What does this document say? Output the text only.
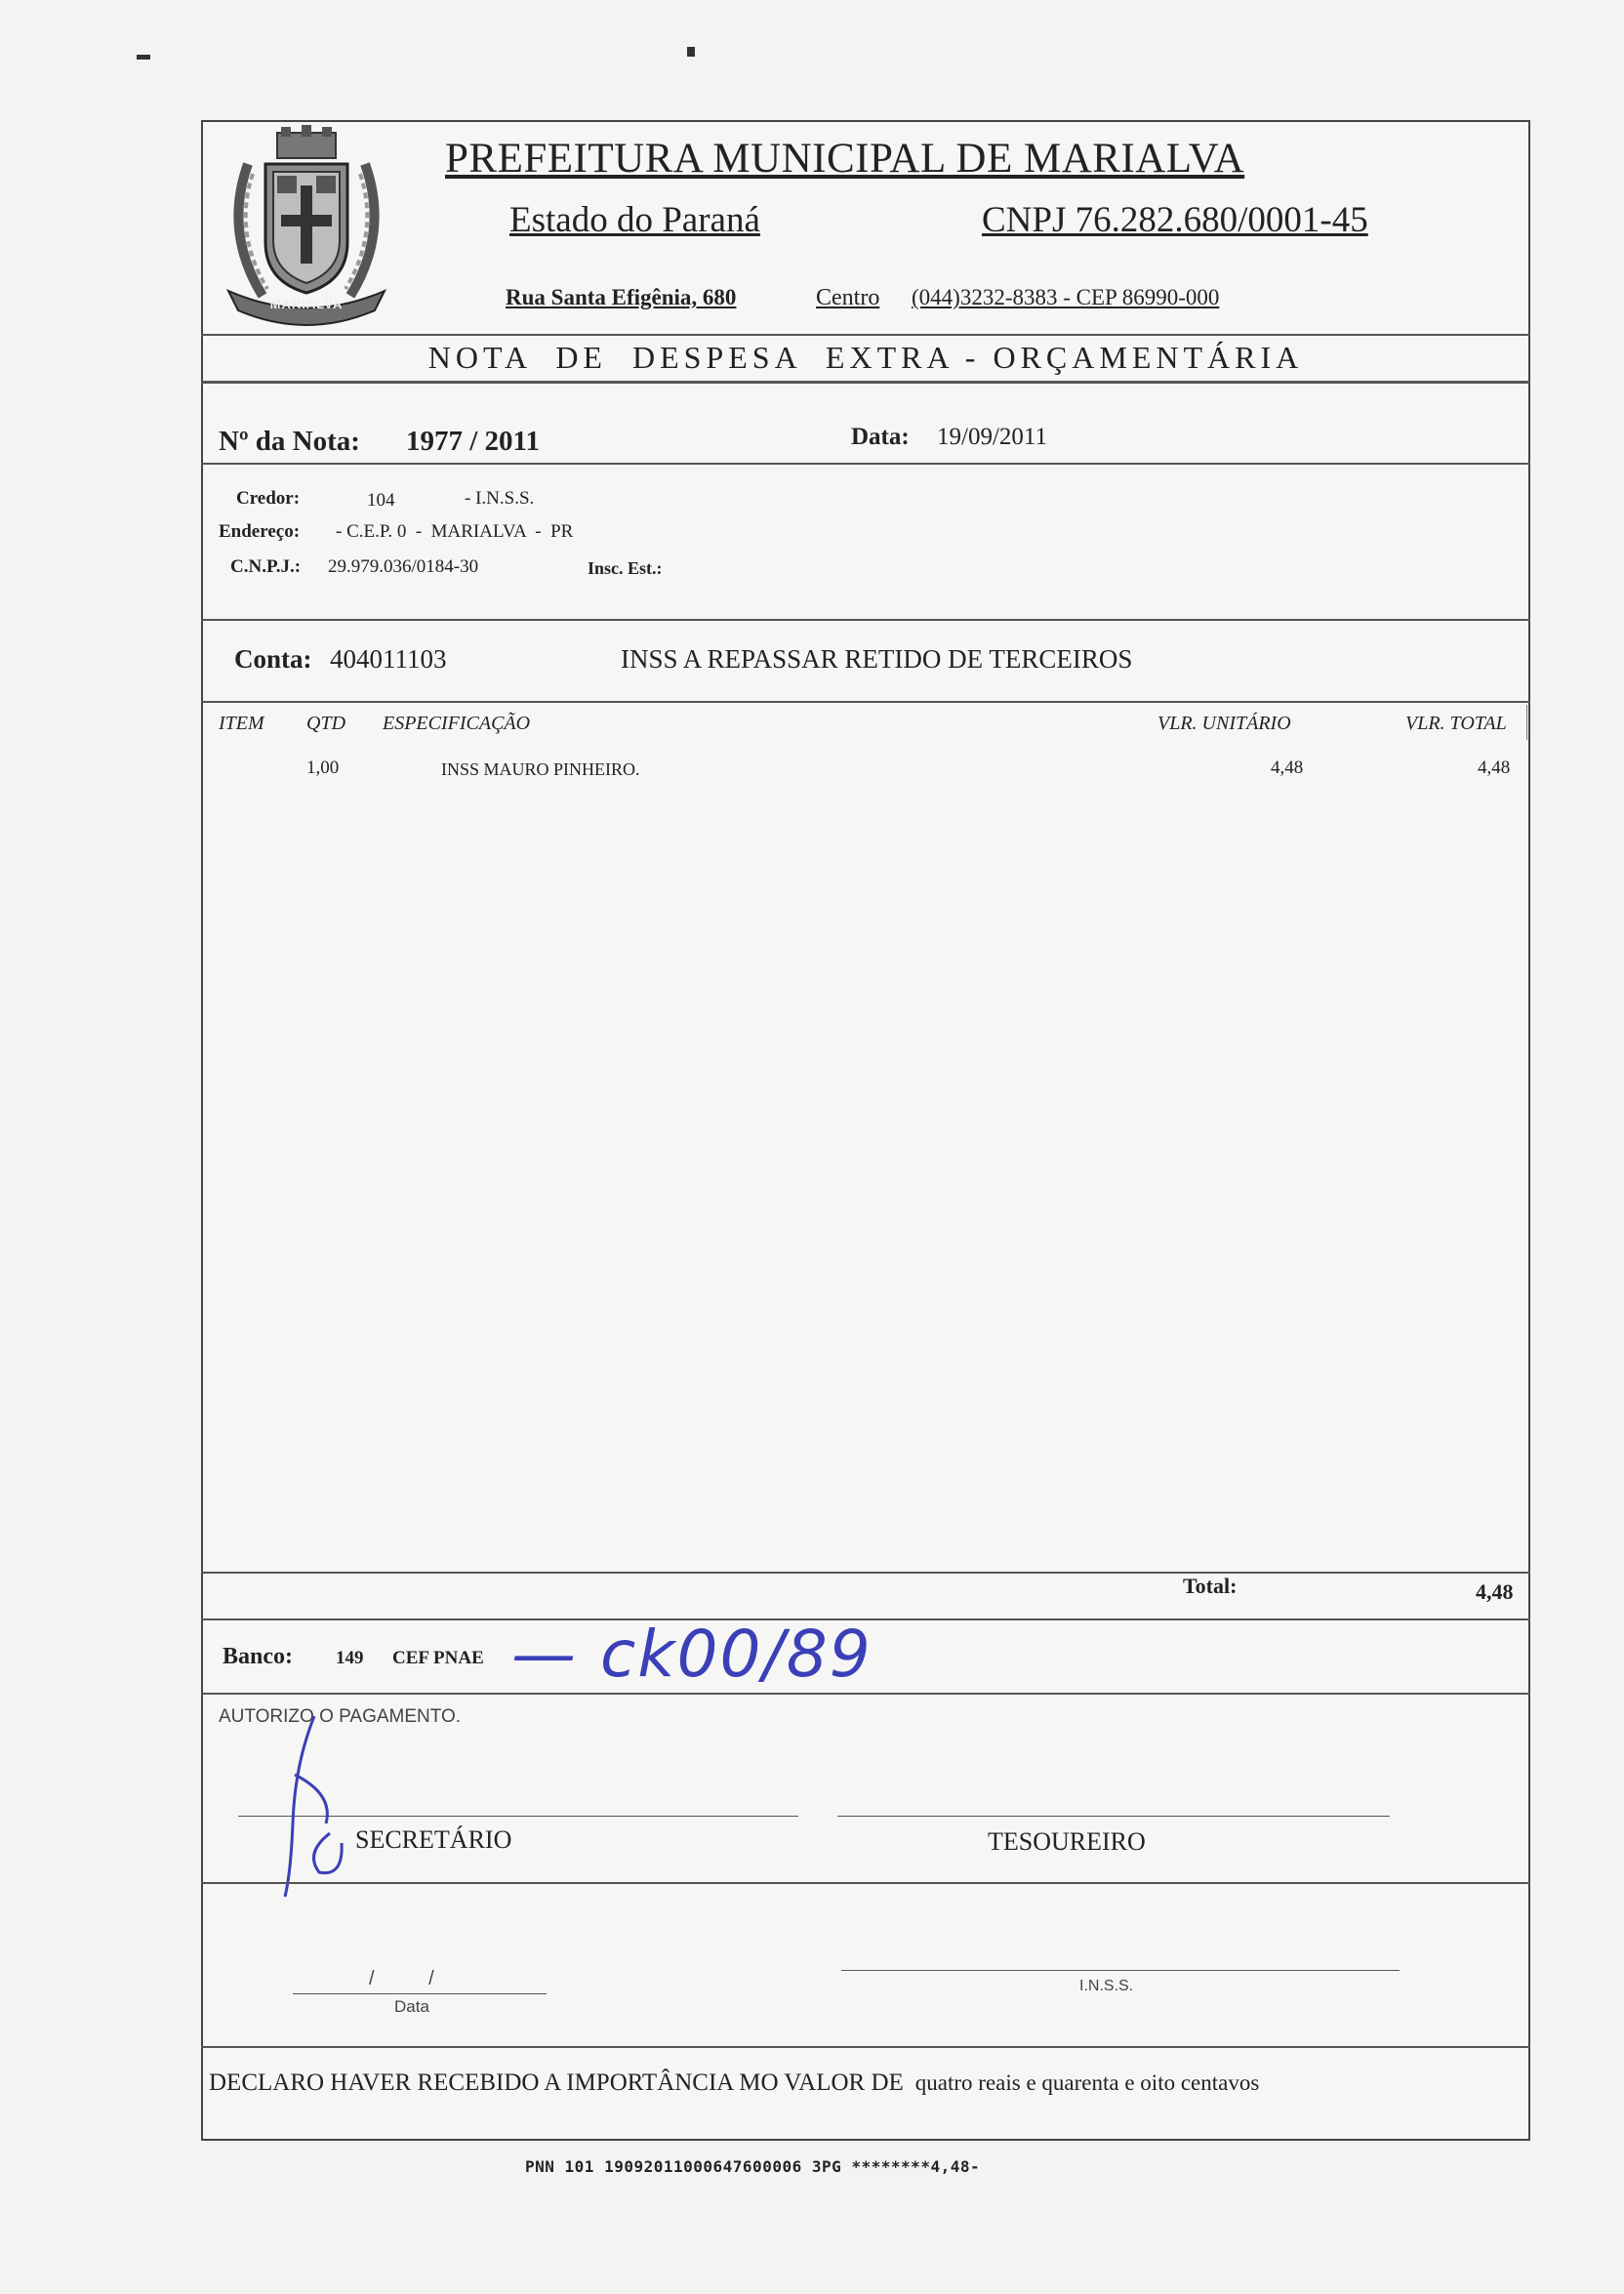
MARIALVA
PREFEITURA MUNICIPAL DE MARIALVA
Estado do Paraná	CNPJ 76.282.680/0001-45
Rua Santa Efigênia, 680	Centro (044)3232-8383 - CEP 86990-000
NOTA  DE  DESPESA  EXTRA - ORÇAMENTÁRIA
Nº da Nota: 1977 / 2011	Data: 19/09/2011
Credor:	104	- I.N.S.S.
Endereço: - C.E.P. 0  -  MARIALVA  -  PR
C.N.P.J.: 29.979.036/0184-30	Insc. Est.:
Conta: 404011103	INSS A REPASSAR RETIDO DE TERCEIROS
ITEM QTD ESPECIFICAÇÃO	VLR. UNITÁRIO	VLR. TOTAL
1,00	INSS MAURO PINHEIRO.	4,48	4,48
Total:	4,48
Banco: 149 CEF PNAE — ck00/89
AUTORIZO O PAGAMENTO.
SECRETÁRIO	TESOUREIRO
/          /
Data
I.N.S.S.
DECLARO HAVER RECEBIDO A IMPORTÂNCIA MO VALOR DE quatro reais e quarenta e oito centavos
PNN 101 19092011000647600006 3PG ********4,48-
